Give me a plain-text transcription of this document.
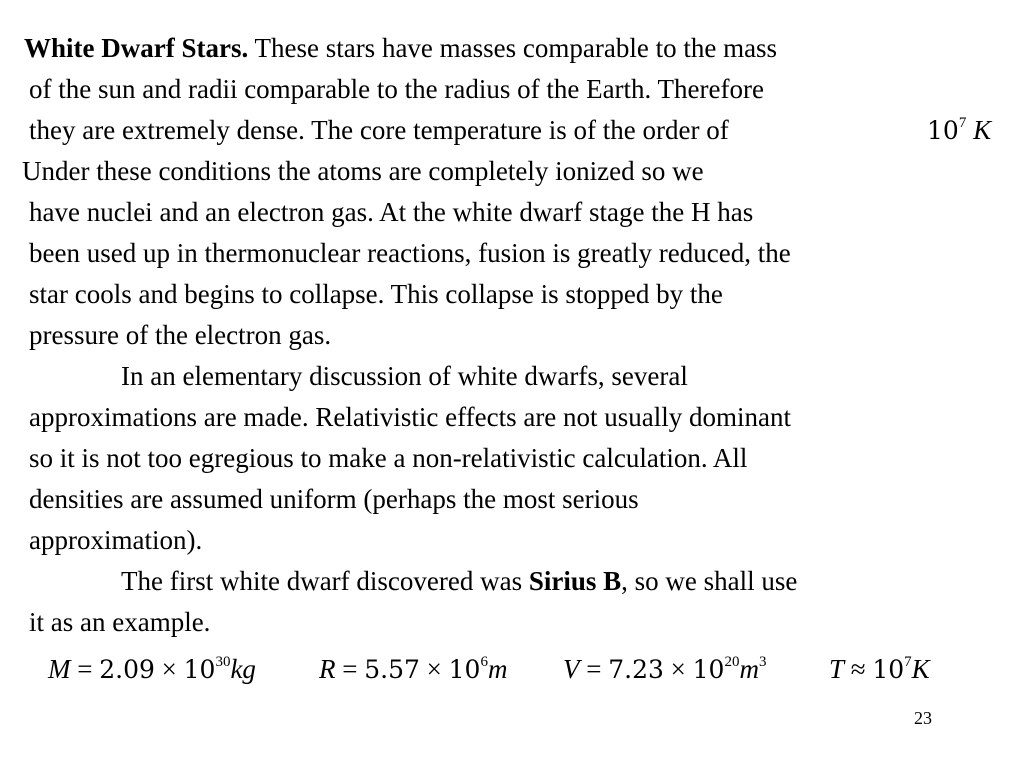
White Dwarf Stars. These stars have masses comparable to the mass
of the sun and radii comparable to the radius of the Earth. Therefore
they are extremely dense. The core temperature is of the order of	$10^7$ K
Under these conditions the atoms are completely ionized so we
have nuclei and an electron gas. At the white dwarf stage the H has
been used up in thermonuclear reactions, fusion is greatly reduced, the
star cools and begins to collapse. This collapse is stopped by the
pressure of the electron gas.
In an elementary discussion of white dwarfs, several
approximations are made. Relativistic effects are not usually dominant
so it is not too egregious to make a non-relativistic calculation. All
densities are assumed uniform (perhaps the most serious
approximation).
The first white dwarf discovered was Sirius B, so we shall use
it as an example.
$M = 2.09 \times 10^{30}kg$ $R = 5.57 \times 10^6m$ $V = 7.23 \times 10^{20}m^3$ $T \approx 10^7K$
23
